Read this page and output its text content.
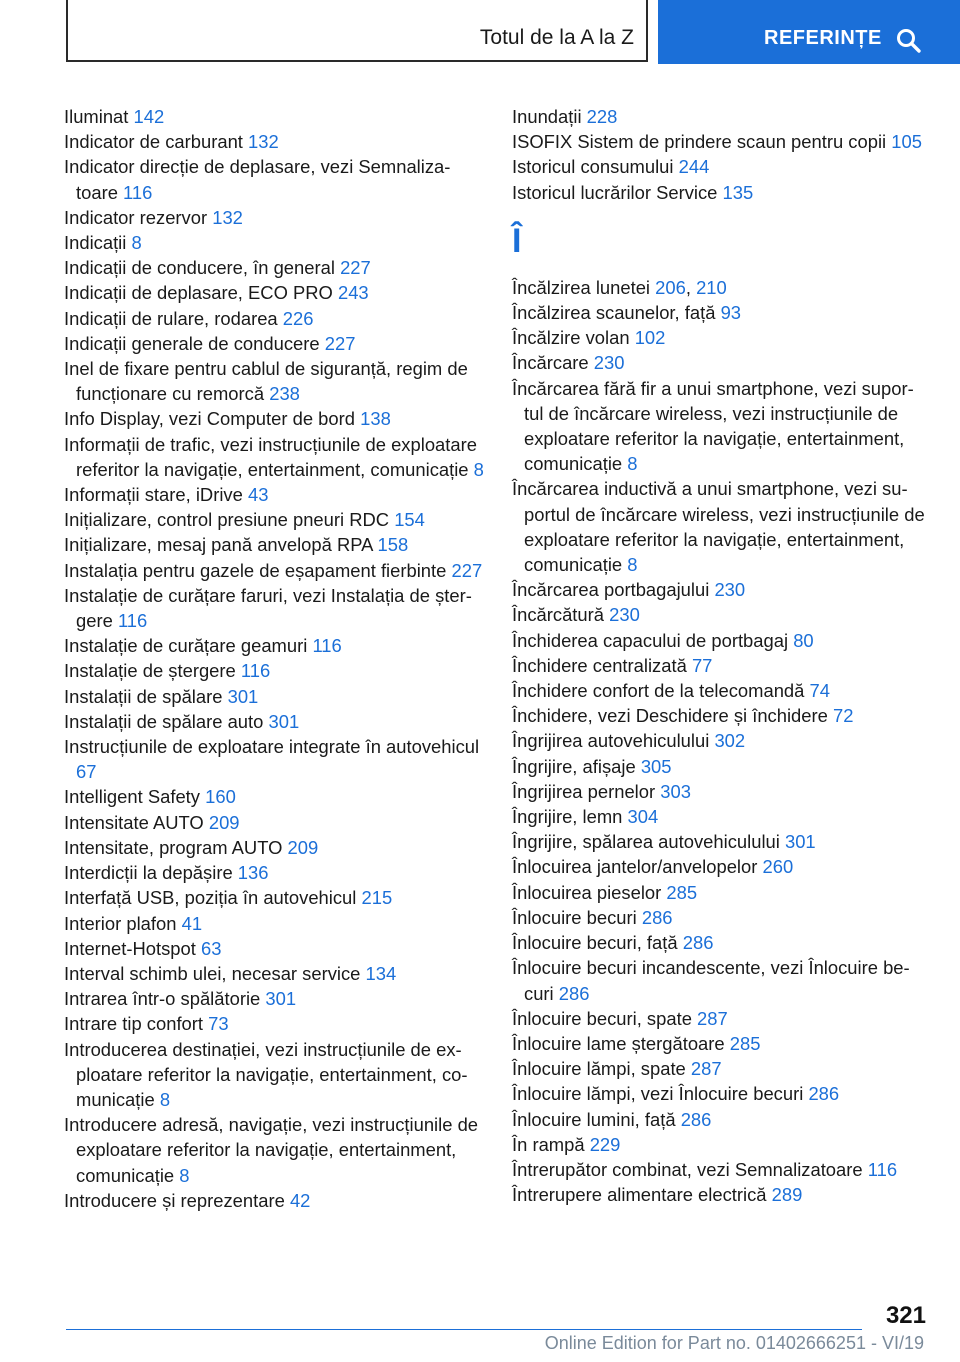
Totul de la A la Z	REFERINȚE
Iluminat 142
Indicator de carburant 132
Indicator direcție de deplasare, vezi Semnalizatoare 116
Indicator rezervor 132
Indicații 8
Indicații de conducere, în general 227
Indicații de deplasare, ECO PRO 243
Indicații de rulare, rodarea 226
Indicații generale de conducere 227
Inel de fixare pentru cablul de siguranță, regim de funcționare cu remorcă 238
Info Display, vezi Computer de bord 138
Informații de trafic, vezi instrucțiunile de exploatare referitor la navigație, entertainment, comunicație 8
Informații stare, iDrive 43
Inițializare, control presiune pneuri RDC 154
Inițializare, mesaj pană anvelopă RPA 158
Instalația pentru gazele de eșapament fierbinte 227
Instalație de curățare faruri, vezi Instalația de ștergere 116
Instalație de curățare geamuri 116
Instalație de ștergere 116
Instalații de spălare 301
Instalații de spălare auto 301
Instrucțiunile de exploatare integrate în autovehicul 67
Intelligent Safety 160
Intensitate AUTO 209
Intensitate, program AUTO 209
Interdicții la depășire 136
Interfață USB, poziția în autovehicul 215
Interior plafon 41
Internet-Hotspot 63
Interval schimb ulei, necesar service 134
Intrarea într-o spălătorie 301
Intrare tip confort 73
Introducerea destinației, vezi instrucțiunile de exploatare referitor la navigație, entertainment, comunicație 8
Introducere adresă, navigație, vezi instrucțiunile de exploatare referitor la navigație, entertainment, comunicație 8
Introducere și reprezentare 42
Inundații 228
ISOFIX Sistem de prindere scaun pentru copii 105
Istoricul consumului 244
Istoricul lucrărilor Service 135
Î
Încălzirea lunetei 206, 210
Încălzirea scaunelor, față 93
Încălzire volan 102
Încărcare 230
Încărcarea fără fir a unui smartphone, vezi suportul de încărcare wireless, vezi instrucțiunile de exploatare referitor la navigație, entertainment, comunicație 8
Încărcarea inductivă a unui smartphone, vezi suportul de încărcare wireless, vezi instrucțiunile de exploatare referitor la navigație, entertainment, comunicație 8
Încărcarea portbagajului 230
Încărcătură 230
Închiderea capacului de portbagaj 80
Închidere centralizată 77
Închidere confort de la telecomandă 74
Închidere, vezi Deschidere și închidere 72
Îngrijirea autovehiculului 302
Îngrijire, afișaje 305
Îngrijirea pernelor 303
Îngrijire, lemn 304
Îngrijire, spălarea autovehiculului 301
Înlocuirea jantelor/anvelopelor 260
Înlocuirea pieselor 285
Înlocuire becuri 286
Înlocuire becuri, față 286
Înlocuire becuri incandescente, vezi Înlocuire becuri 286
Înlocuire becuri, spate 287
Înlocuire lame ștergătoare 285
Înlocuire lămpi, spate 287
Înlocuire lămpi, vezi Înlocuire becuri 286
Înlocuire lumini, față 286
În rampă 229
Întrerupător combinat, vezi Semnalizatoare 116
Întrerupere alimentare electrică 289
321
Online Edition for Part no. 01402666251 - VI/19
